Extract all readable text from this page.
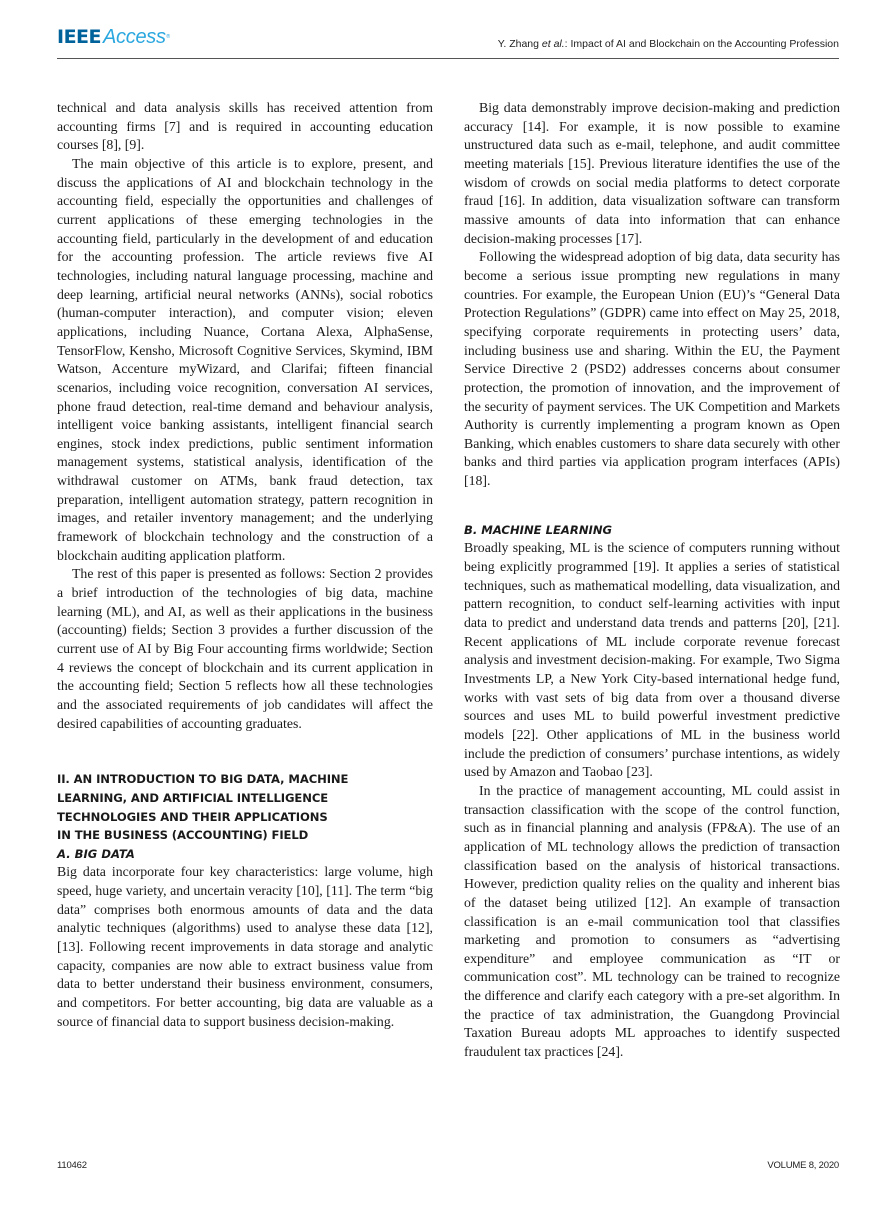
IEEE Access®
Y. Zhang et al.: Impact of AI and Blockchain on the Accounting Profession

technical and data analysis skills has received attention from accounting firms [7] and is required in accounting education courses [8], [9].

The main objective of this article is to explore, present, and discuss the applications of AI and blockchain technology in the accounting field, especially the opportunities and challenges of current applications of these emerging technologies in the accounting field, particularly in the development of and education for the accounting profession. The article reviews five AI technologies, including natural language processing, machine and deep learning, artificial neural networks (ANNs), social robotics (human-computer interaction), and computer vision; eleven applications, including Nuance, Cortana Alexa, AlphaSense, TensorFlow, Kensho, Microsoft Cognitive Services, Skymind, IBM Watson, Accenture myWizard, and Clarifai; fifteen financial scenarios, including voice recognition, conversation AI services, phone fraud detection, real-time demand and behaviour analysis, intelligent voice banking assistants, intelligent financial search engines, stock index predictions, public sentiment information management systems, statistical analysis, identification of the withdrawal customer on ATMs, bank fraud detection, tax preparation, intelligent automation strategy, pattern recognition in images, and retailer inventory management; and the underlying framework of blockchain technology and the construction of a blockchain auditing application platform.

The rest of this paper is presented as follows: Section 2 provides a brief introduction of the technologies of big data, machine learning (ML), and AI, as well as their applications in the business (accounting) fields; Section 3 provides a further discussion of the current use of AI by Big Four accounting firms worldwide; Section 4 reviews the concept of blockchain and its current application in the accounting field; Section 5 reflects how all these technologies and the associated requirements of job candidates will affect the desired capabilities of accounting graduates.

II. AN INTRODUCTION TO BIG DATA, MACHINE
LEARNING, AND ARTIFICIAL INTELLIGENCE
TECHNOLOGIES AND THEIR APPLICATIONS
IN THE BUSINESS (ACCOUNTING) FIELD
A. BIG DATA

Big data incorporate four key characteristics: large volume, high speed, huge variety, and uncertain veracity [10], [11]. The term “big data” comprises both enormous amounts of data and the data analytic techniques (algorithms) used to analyse these data [12], [13]. Following recent improvements in data storage and analytic capacity, companies are now able to extract business value from data to better understand their business environment, consumers, and competitors. For better accounting, big data are valuable as a source of financial data to support business decision-making.

Big data demonstrably improve decision-making and prediction accuracy [14]. For example, it is now possible to examine unstructured data such as e-mail, telephone, and audit committee meeting materials [15]. Previous literature identifies the use of the wisdom of crowds on social media platforms to detect corporate fraud [16]. In addition, data visualization software can transform massive amounts of data into information that can enhance decision-making processes [17].

Following the widespread adoption of big data, data security has become a serious issue prompting new regulations in many countries. For example, the European Union (EU)’s “General Data Protection Regulations” (GDPR) came into effect on May 25, 2018, specifying corporate requirements in protecting users’ data, including business use and sharing. Within the EU, the Payment Service Directive 2 (PSD2) addresses concerns about consumer protection, the promotion of innovation, and the improvement of the security of payment services. The UK Competition and Markets Authority is currently implementing a program known as Open Banking, which enables customers to share data securely with other banks and third parties via application program interfaces (APIs) [18].

B. MACHINE LEARNING

Broadly speaking, ML is the science of computers running without being explicitly programmed [19]. It applies a series of statistical techniques, such as mathematical modelling, data visualization, and pattern recognition, to conduct self-learning activities with input data to predict and understand data trends and patterns [20], [21]. Recent applications of ML include corporate revenue forecast analysis and investment decision-making. For example, Two Sigma Investments LP, a New York City-based international hedge fund, works with vast sets of big data from over a thousand diverse sources and uses ML to build powerful investment predictive models [22]. Other applications of ML in the business world include the prediction of consumers’ purchase intentions, as widely used by Amazon and Taobao [23].

In the practice of management accounting, ML could assist in transaction classification with the scope of the control function, such as in financial planning and analysis (FP&A). The use of an application of ML technology allows the prediction of transaction classification based on the analysis of historical transactions. However, prediction quality relies on the quality and inherent bias of the dataset being utilized [12]. An example of transaction classification is an e-mail communication tool that classifies marketing and promotion to consumers as “advertising expenditure” and employee communication as “IT or communication cost”. ML technology can be trained to recognize the difference and clarify each category with a pre-set algorithm. In the practice of tax administration, the Guangdong Provincial Taxation Bureau adopts ML approaches to identify suspected fraudulent tax practices [24].

110462	VOLUME 8, 2020
